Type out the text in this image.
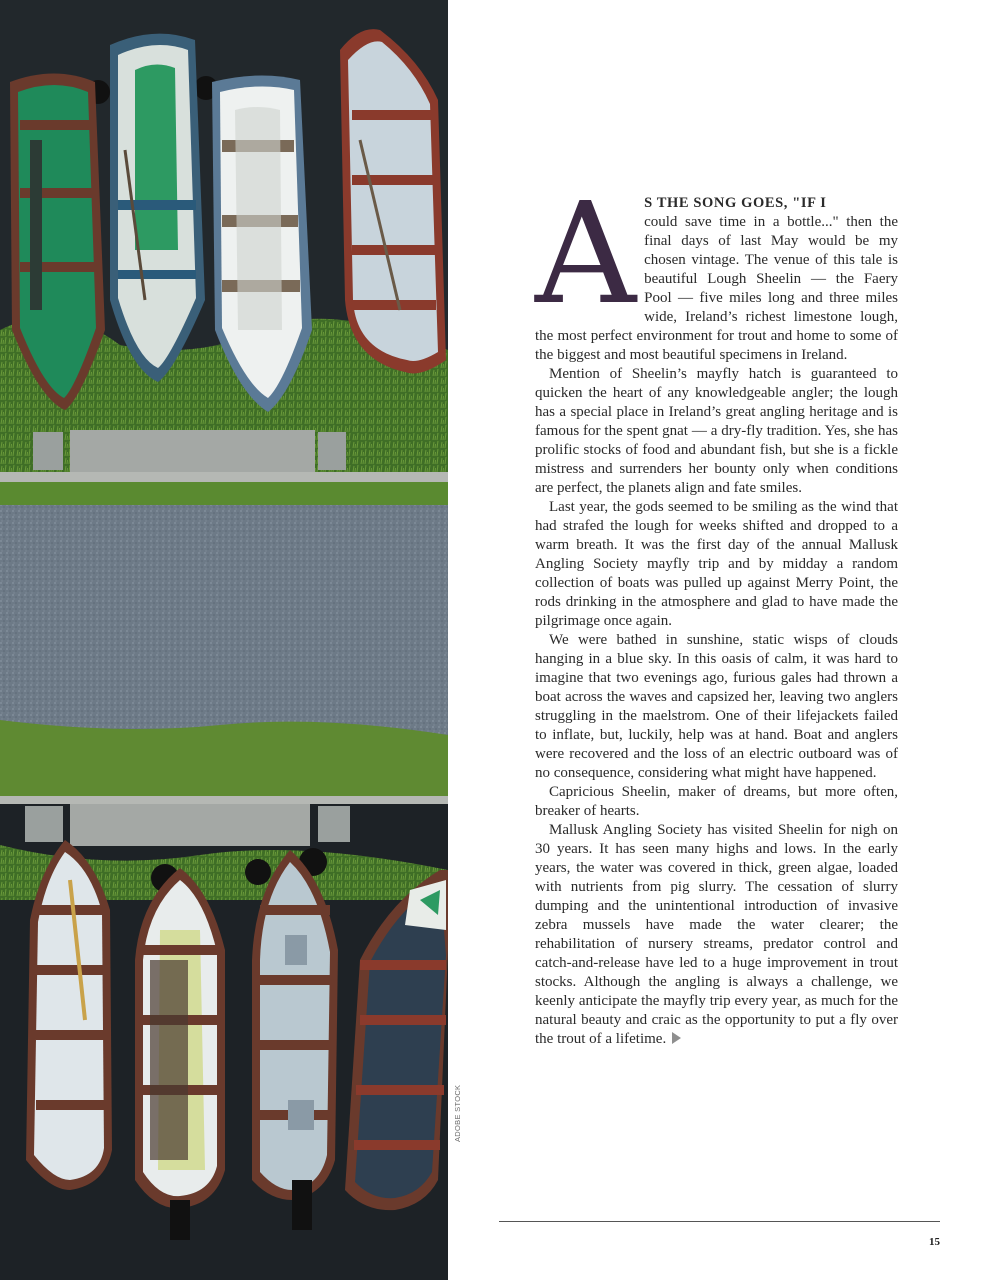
ADOBE STOCK
A S THE SONG GOES, "IF I
could save time in a bottle..." then the final days of last May would be my chosen vintage. The venue of this tale is beautiful Lough Sheelin — the Faery Pool — five miles long and three miles wide, Ireland’s richest limestone lough, the most perfect environment for trout and home to some of the biggest and most beautiful specimens in Ireland.

Mention of Sheelin’s mayfly hatch is guaranteed to quicken the heart of any knowledgeable angler; the lough has a special place in Ireland’s great angling heritage and is famous for the spent gnat — a dry-fly tradition. Yes, she has prolific stocks of food and abundant fish, but she is a fickle mistress and surrenders her bounty only when conditions are perfect, the planets align and fate smiles.

Last year, the gods seemed to be smiling as the wind that had strafed the lough for weeks shifted and dropped to a warm breath. It was the first day of the annual Mallusk Angling Society mayfly trip and by midday a random collection of boats was pulled up against Merry Point, the rods drinking in the atmosphere and glad to have made the pilgrimage once again.

We were bathed in sunshine, static wisps of clouds hanging in a blue sky. In this oasis of calm, it was hard to imagine that two evenings ago, furious gales had thrown a boat across the waves and capsized her, leaving two anglers struggling in the maelstrom. One of their lifejackets failed to inflate, but, luckily, help was at hand. Boat and anglers were recovered and the loss of an electric outboard was of no consequence, considering what might have happened.

Capricious Sheelin, maker of dreams, but more often, breaker of hearts.

Mallusk Angling Society has visited Sheelin for nigh on 30 years. It has seen many highs and lows. In the early years, the water was covered in thick, green algae, loaded with nutrients from pig slurry. The cessation of slurry dumping and the unintentional introduction of invasive zebra mussels have made the water clearer; the rehabilitation of nursery streams, predator control and catch-and-release have led to a huge improvement in trout stocks. Although the angling is always a challenge, we keenly anticipate the mayfly trip every year, as much for the natural beauty and craic as the opportunity to put a fly over the trout of a lifetime.

15
